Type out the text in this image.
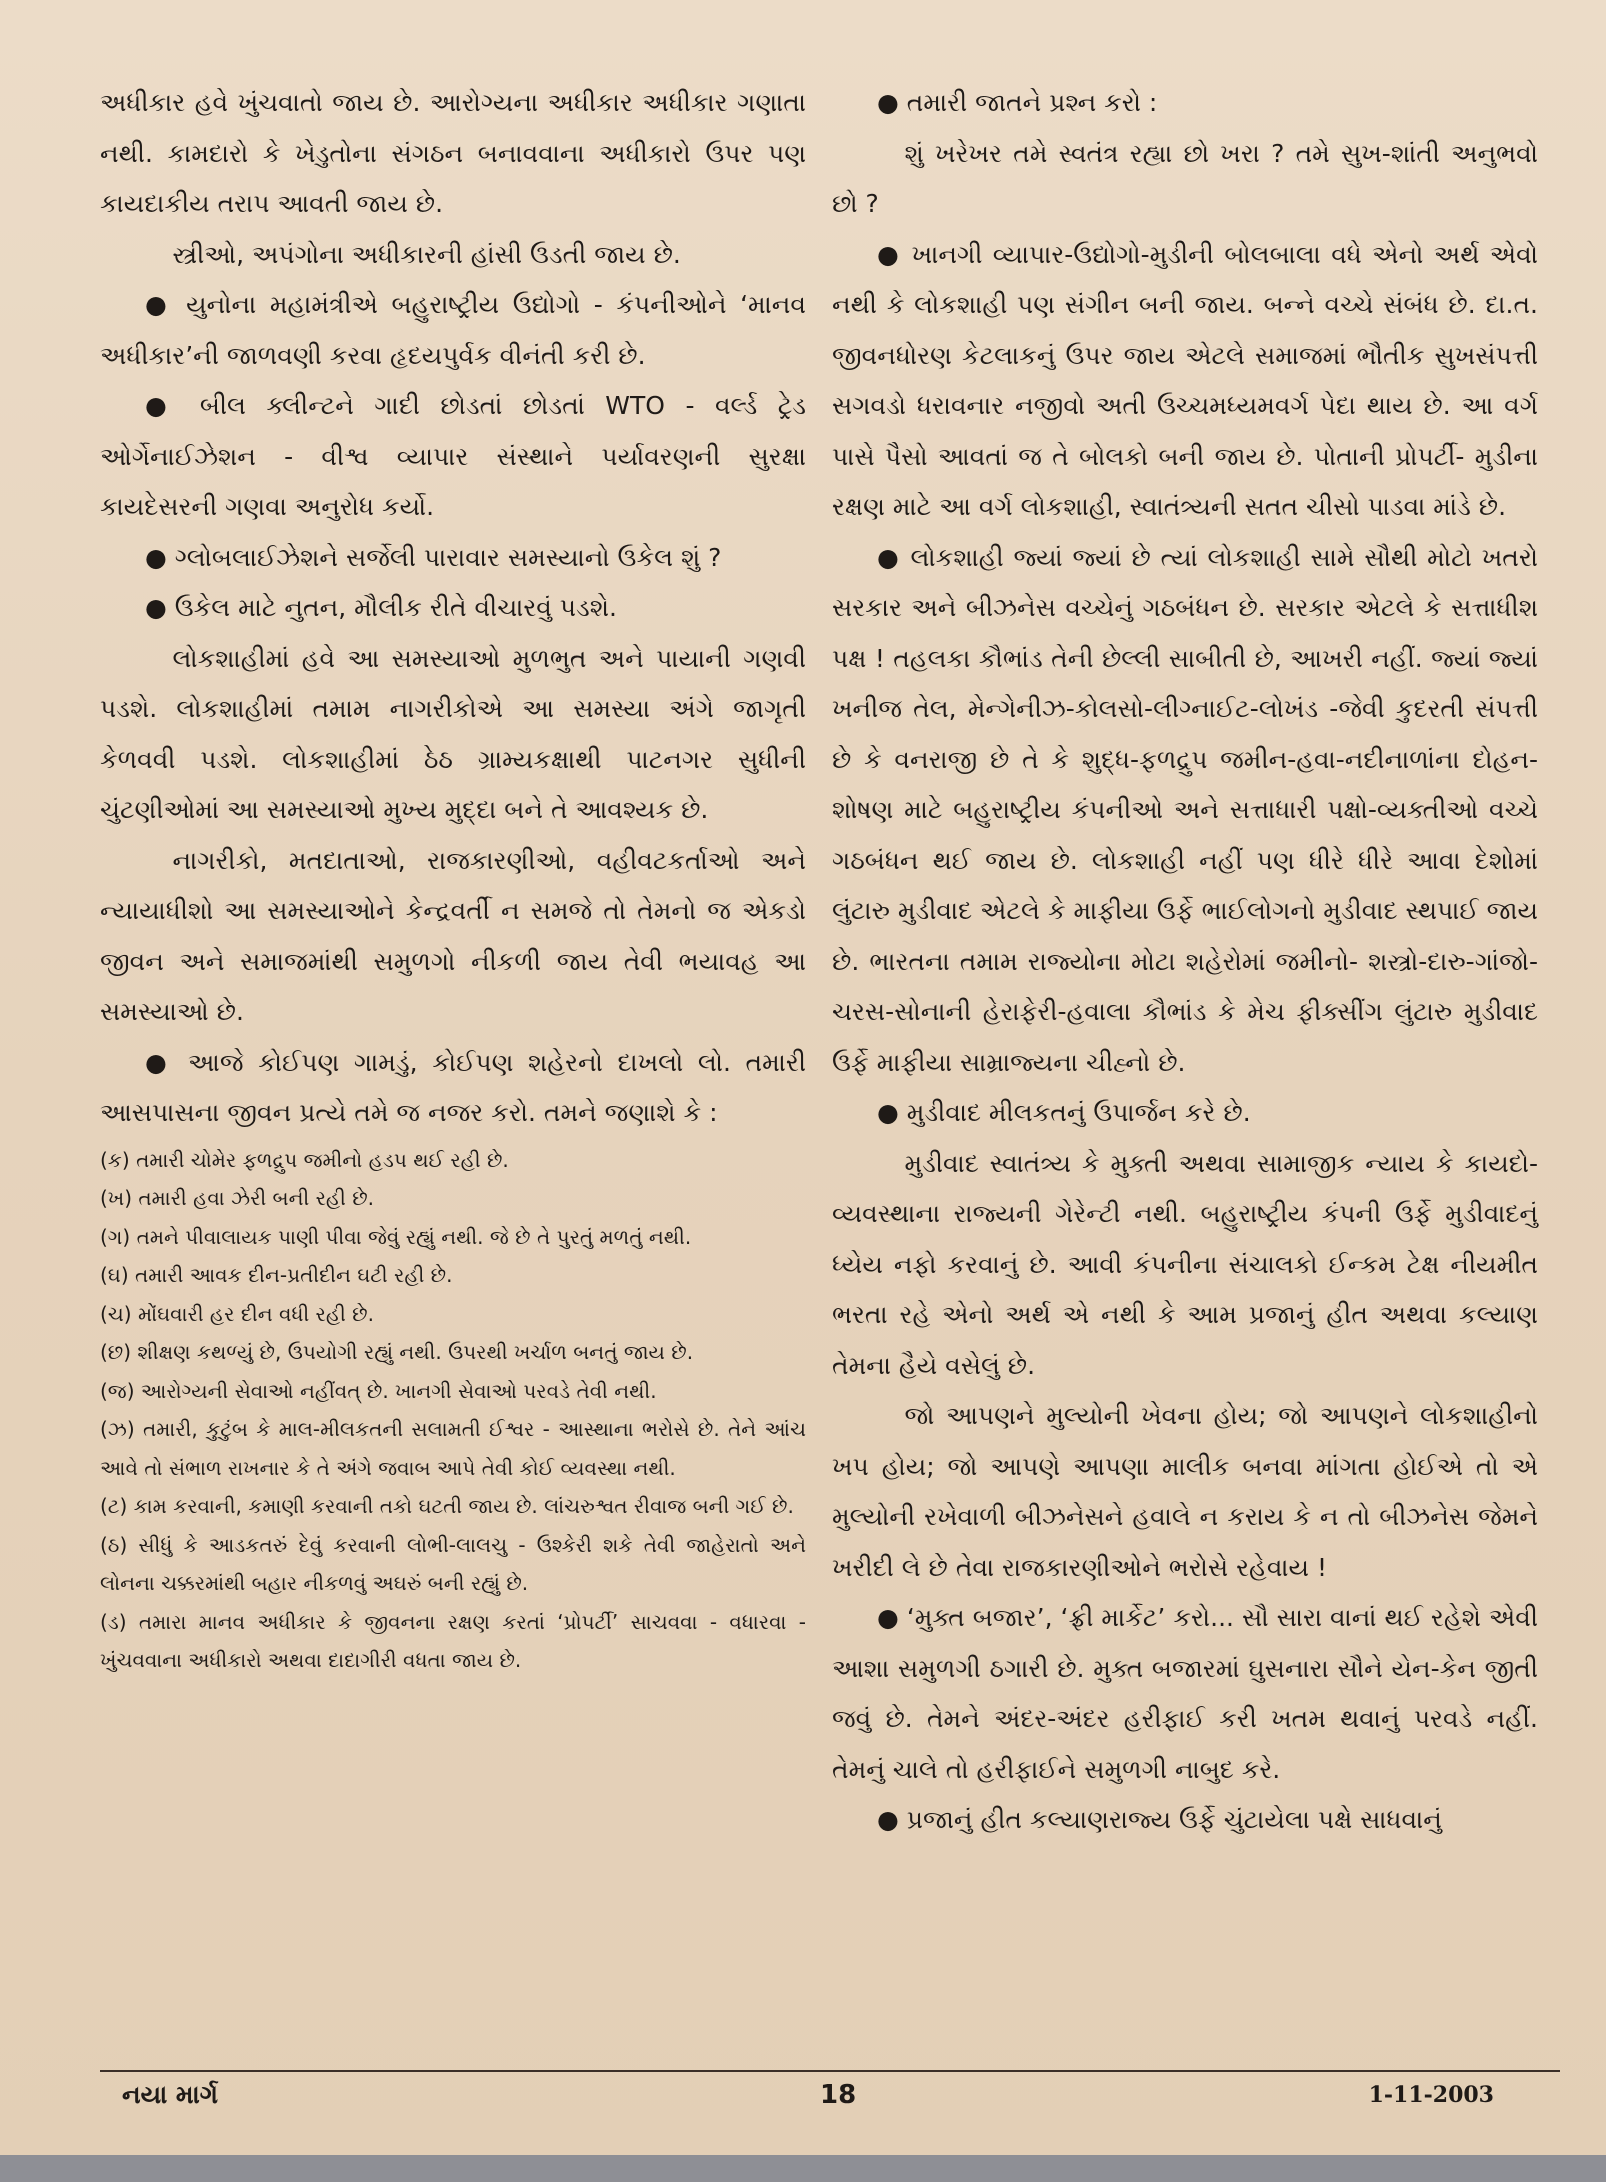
અધીકાર હવે ખુંચવાતો જાય છે. આરોગ્યના અધીકાર અધીકાર ગણાતા નથી. કામદારો કે ખેડુતોના સંગઠન બનાવવાના અધીકારો ઉપર પણ કાયદાકીય તરાપ આવતી જાય છે.

સ્ત્રીઓ, અપંગોના અધીકારની હાંસી ઉડતી જાય છે.

● યુનોના મહામંત્રીએ બહુરાષ્ટ્રીય ઉદ્યોગો - કંપનીઓને ‘માનવ અધીકાર’ની જાળવણી કરવા હૃદયપુર્વક વીનંતી કરી છે.

● બીલ ક્લીન્ટને ગાદી છોડતાં છોડતાં WTO - વર્લ્ડ ટ્રેડ ઓર્ગેનાઈઝેશન - વીશ્વ વ્યાપાર સંસ્થાને પર્યાવરણની સુરક્ષા કાયદેસરની ગણવા અનુરોધ કર્યો.

● ગ્લોબલાઈઝેશને સર્જેલી પારાવાર સમસ્યાનો ઉકેલ શું ?

● ઉકેલ માટે નુતન, મૌલીક રીતે વીચારવું પડશે.

લોકશાહીમાં હવે આ સમસ્યાઓ મુળભુત અને પાયાની ગણવી પડશે. લોકશાહીમાં તમામ નાગરીકોએ આ સમસ્યા અંગે જાગૃતી કેળવવી પડશે. લોકશાહીમાં ઠેઠ ગ્રામ્યકક્ષાથી પાટનગર સુધીની ચુંટણીઓમાં આ સમસ્યાઓ મુખ્ય મુદ્દા બને તે આવશ્યક છે.

નાગરીકો, મતદાતાઓ, રાજકારણીઓ, વહીવટકર્તાઓ અને ન્યાયાધીશો આ સમસ્યાઓને કેન્દ્રવર્તી ન સમજે તો તેમનો જ એકડો જીવન અને સમાજમાંથી સમુળગો નીકળી જાય તેવી ભયાવહ આ સમસ્યાઓ છે.

● આજે કોઈપણ ગામડું, કોઈપણ શહેરનો દાખલો લો. તમારી આસપાસના જીવન પ્રત્યે તમે જ નજર કરો. તમને જણાશે કે :

(ક) તમારી ચોમેર ફળદ્રુપ જમીનો હડપ થઈ રહી છે.

(ખ) તમારી હવા ઝેરી બની રહી છે.

(ગ) તમને પીવાલાયક પાણી પીવા જેવું રહ્યું નથી. જે છે તે પુરતું મળતું નથી.

(ઘ) તમારી આવક દીન-પ્રતીદીન ઘટી રહી છે.

(ચ) મોંઘવારી હર દીન વધી રહી છે.

(છ) શીક્ષણ કથળ્યું છે, ઉપયોગી રહ્યું નથી. ઉપરથી ખર્ચાળ બનતું જાય છે.

(જ) આરોગ્યની સેવાઓ નહીંવત્ છે. ખાનગી સેવાઓ પરવડે તેવી નથી.

(ઝ) તમારી, કુટુંબ કે માલ-મીલકતની સલામતી ઈશ્વર - આસ્થાના ભરોસે છે. તેને આંચ આવે તો સંભાળ રાખનાર કે તે અંગે જવાબ આપે તેવી કોઈ વ્યવસ્થા નથી.

(ટ) કામ કરવાની, કમાણી કરવાની તકો ઘટતી જાય છે. લાંચરુશ્વત રીવાજ બની ગઈ છે.

(ઠ) સીધું કે આડકતરું દેવું કરવાની લોભી-લાલચુ - ઉશ્કેરી શકે તેવી જાહેરાતો અને લોનના ચક્કરમાંથી બહાર નીકળવું અઘરું બની રહ્યું છે.

(ડ) તમારા માનવ અધીકાર કે જીવનના રક્ષણ કરતાં ‘પ્રોપર્ટી’ સાચવવા - વધારવા - ખુંચવવાના અધીકારો અથવા દાદાગીરી વધતા જાય છે.

● તમારી જાતને પ્રશ્ન કરો :

શું ખરેખર તમે સ્વતંત્ર રહ્યા છો ખરા ? તમે સુખ-શાંતી અનુભવો છો ?

● ખાનગી વ્યાપાર-ઉદ્યોગો-મુડીની બોલબાલા વધે એનો અર્થ એવો નથી કે લોકશાહી પણ સંગીન બની જાય. બન્ને વચ્ચે સંબંધ છે. દા.ત. જીવનધોરણ કેટલાકનું ઉપર જાય એટલે સમાજમાં ભૌતીક સુખસંપત્તી સગવડો ધરાવનાર નજીવો અતી ઉચ્ચમધ્યમવર્ગ પેદા થાય છે. આ વર્ગ પાસે પૈસો આવતાં જ તે બોલકો બની જાય છે. પોતાની પ્રોપર્ટી- મુડીના રક્ષણ માટે આ વર્ગ લોકશાહી, સ્વાતંત્ર્યની સતત ચીસો પાડવા માંડે છે.

● લોકશાહી જ્યાં જ્યાં છે ત્યાં લોકશાહી સામે સૌથી મોટો ખતરો સરકાર અને બીઝનેસ વચ્ચેનું ગઠબંધન છે. સરકાર એટલે કે સત્તાધીશ પક્ષ ! તહલકા કૌભાંડ તેની છેલ્લી સાબીતી છે, આખરી નહીં. જ્યાં જ્યાં ખનીજ તેલ, મેન્ગેનીઝ-કોલસો-લીગ્નાઈટ-લોખંડ -જેવી કુદરતી સંપત્તી છે કે વનરાજી છે તે કે શુદ્ધ-ફળદ્રુપ જમીન-હવા-નદીનાળાંના દોહન-શોષણ માટે બહુરાષ્ટ્રીય કંપનીઓ અને સત્તાધારી પક્ષો-વ્યક્તીઓ વચ્ચે ગઠબંધન થઈ જાય છે. લોકશાહી નહીં પણ ધીરે ધીરે આવા દેશોમાં લુંટારુ મુડીવાદ એટલે કે માફીયા ઉર્ફે ભાઈલોગનો મુડીવાદ સ્થપાઈ જાય છે. ભારતના તમામ રાજ્યોના મોટા શહેરોમાં જમીનો- શસ્ત્રો-દારુ-ગાંજો-ચરસ-સોનાની હેરાફેરી-હવાલા કૌભાંડ કે મેચ ફીક્સીંગ લુંટારુ મુડીવાદ ઉર્ફે માફીયા સામ્રાજ્યના ચીહ્નો છે.

● મુડીવાદ મીલકતનું ઉપાર્જન કરે છે.

મુડીવાદ સ્વાતંત્ર્ય કે મુક્તી અથવા સામાજીક ન્યાય કે કાયદો-વ્યવસ્થાના રાજ્યની ગેરેન્ટી નથી. બહુરાષ્ટ્રીય કંપની ઉર્ફે મુડીવાદનું ધ્યેય નફો કરવાનું છે. આવી કંપનીના સંચાલકો ઈન્કમ ટેક્ષ નીયમીત ભરતા રહે એનો અર્થ એ નથી કે આમ પ્રજાનું હીત અથવા કલ્યાણ તેમના હૈયે વસેલું છે.

જો આપણને મુલ્યોની ખેવના હોય; જો આપણને લોકશાહીનો ખપ હોય; જો આપણે આપણા માલીક બનવા માંગતા હોઈએ તો એ મુલ્યોની રખેવાળી બીઝનેસને હવાલે ન કરાય કે ન તો બીઝનેસ જેમને ખરીદી લે છે તેવા રાજકારણીઓને ભરોસે રહેવાય !

● ‘મુક્ત બજાર’, ‘ફ્રી માર્કેટ’ કરો... સૌ સારા વાનાં થઈ રહેશે એવી આશા સમુળગી ઠગારી છે. મુક્ત બજારમાં ઘુસનારા સૌને યેન-કેન જીતી જવું છે. તેમને અંદર-અંદર હરીફાઈ કરી ખતમ થવાનું પરવડે નહીં. તેમનું ચાલે તો હરીફાઈને સમુળગી નાબુદ કરે.

● પ્રજાનું હીત કલ્યાણરાજ્ય ઉર્ફે ચુંટાયેલા પક્ષે સાધવાનું

નયા માર્ગ	18	1-11-2003
